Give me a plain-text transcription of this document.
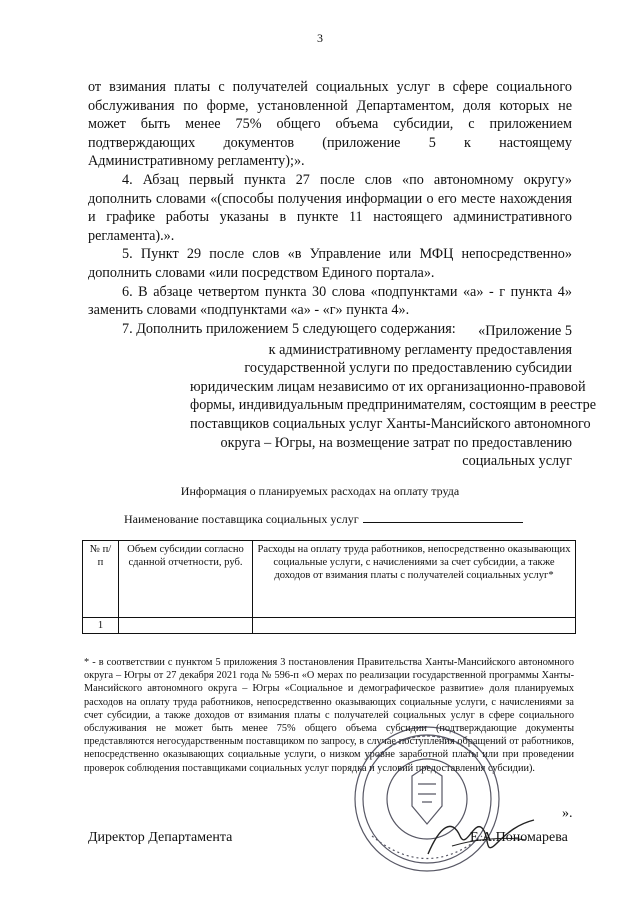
3

от взимания платы с получателей социальных услуг в сфере социального обслуживания по форме, установленной Департаментом, доля которых не может быть менее 75% общего объема субсидии, с приложением подтверждающих документов (приложение 5 к настоящему Административному регламенту);».

4. Абзац первый пункта 27 после слов «по автономному округу» дополнить словами «(способы получения информации о его месте нахождения и графике работы указаны в пункте 11 настоящего административного регламента).».

5. Пункт 29 после слов «в Управление или МФЦ непосредственно» дополнить словами «или посредством Единого портала».

6. В абзаце четвертом пункта 30 слова «подпунктами «а» - г пункта 4» заменить словами «подпунктами «а» - «г» пункта 4».

7. Дополнить приложением 5 следующего содержания:	«Приложение 5
к административному регламенту предоставления
государственной услуги по предоставлению субсидии
юридическим лицам независимо от их организационно-правовой
формы, индивидуальным предпринимателям, состоящим в реестре
поставщиков социальных услуг Ханты-Мансийского автономного
округа – Югры, на возмещение затрат по предоставлению
социальных услуг
Информация о планируемых расходах на оплату труда
Наименование поставщика социальных услуг
№ п/п	Объем субсидии согласно сданной отчетности, руб.	Расходы на оплату труда работников, непосредственно оказывающих социальные услуги, с начислениями за счет субсидии, а также доходов от взимания платы с получателей социальных услуг*
1		
* - в соответствии с пунктом 5 приложения 3 постановления Правительства Ханты-Мансийского автономного округа – Югры от 27 декабря 2021 года № 596-п «О мерах по реализации государственной программы Ханты-Мансийского автономного округа – Югры «Социальное и демографическое развитие» доля планируемых расходов на оплату труда работников, непосредственно оказывающих социальные услуги, с начислениями за счет субсидии, а также доходов от взимания платы с получателей социальных услуг в сфере социального обслуживания не может быть менее 75% общего объема субсидии (подтверждающие документы представляются негосударственным поставщиком по запросу, в случае поступления обращений от работников, непосредственно оказывающих социальные услуги, о низком уровне заработной платы или при проведении проверок соблюдения поставщиками социальных услуг порядка и условий предоставления субсидии).
».
Директор Департамента	Е.А.Пономарева
